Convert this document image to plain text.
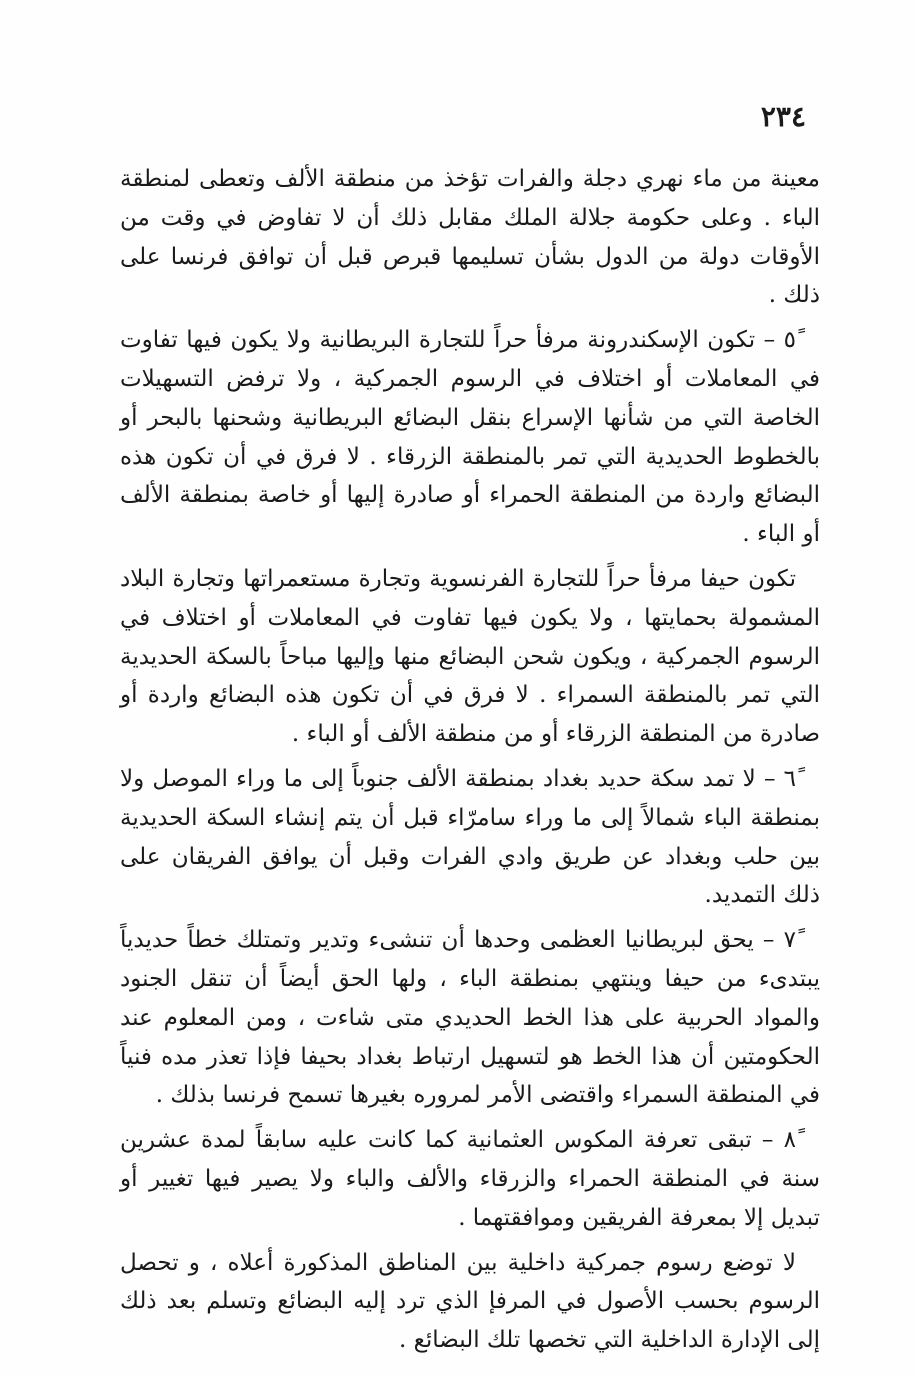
٢٣٤

معينة من ماء نهري دجلة والفرات تؤخذ من منطقة الألف وتعطى لمنطقة الباء . وعلى حكومة جلالة الملك مقابل ذلك أن لا تفاوض في وقت من الأوقات دولة من الدول بشأن تسليمها قبرص قبل أن توافق فرنسا على ذلك .

٥ً – تكون الإسكندرونة مرفأ حراً للتجارة البريطانية ولا يكون فيها تفاوت في المعاملات أو اختلاف في الرسوم الجمركية ، ولا ترفض التسهيلات الخاصة التي من شأنها الإسراع بنقل البضائع البريطانية وشحنها بالبحر أو بالخطوط الحديدية التي تمر بالمنطقة الزرقاء . لا فرق في أن تكون هذه البضائع واردة من المنطقة الحمراء أو صادرة إليها أو خاصة بمنطقة الألف أو الباء .

تكون حيفا مرفأ حراً للتجارة الفرنسوية وتجارة مستعمراتها وتجارة البلاد المشمولة بحمايتها ، ولا يكون فيها تفاوت في المعاملات أو اختلاف في الرسوم الجمركية ، ويكون شحن البضائع منها وإليها مباحاً بالسكة الحديدية التي تمر بالمنطقة السمراء . لا فرق في أن تكون هذه البضائع واردة أو صادرة من المنطقة الزرقاء أو من منطقة الألف أو الباء .

٦ً – لا تمد سكة حديد بغداد بمنطقة الألف جنوباً إلى ما وراء الموصل ولا بمنطقة الباء شمالاً إلى ما وراء سامرّاء قبل أن يتم إنشاء السكة الحديدية بين حلب وبغداد عن طريق وادي الفرات وقبل أن يوافق الفريقان على ذلك التمديد.

٧ً – يحق لبريطانيا العظمى وحدها أن تنشىء وتدير وتمتلك خطاً حديدياً يبتدىء من حيفا وينتهي بمنطقة الباء ، ولها الحق أيضاً أن تنقل الجنود والمواد الحربية على هذا الخط الحديدي متى شاءت ، ومن المعلوم عند الحكومتين أن هذا الخط هو لتسهيل ارتباط بغداد بحيفا فإذا تعذر مده فنياً في المنطقة السمراء واقتضى الأمر لمروره بغيرها تسمح فرنسا بذلك .

٨ً – تبقى تعرفة المكوس العثمانية كما كانت عليه سابقاً لمدة عشرين سنة في المنطقة الحمراء والزرقاء والألف والباء ولا يصير فيها تغيير أو تبديل إلا بمعرفة الفريقين وموافقتهما .

لا توضع رسوم جمركية داخلية بين المناطق المذكورة أعلاه ، و تحصل الرسوم بحسب الأصول في المرفإ الذي ترد إليه البضائع وتسلم بعد ذلك إلى الإدارة الداخلية التي تخصها تلك البضائع .
